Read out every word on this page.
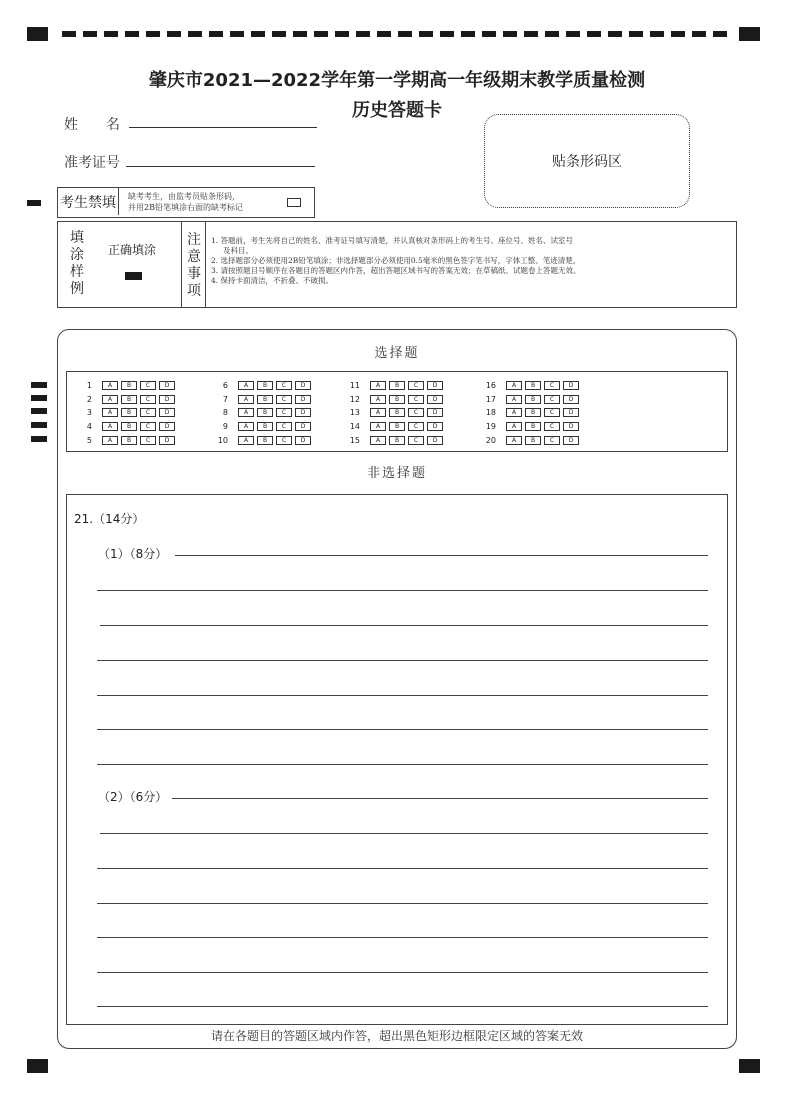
肇庆市2021—2022学年第一学期高一年级期末教学质量检测
历史答题卡
姓　　名
准考证号	贴条形码区
考生禁填 缺考考生，由监考员贴条形码，
并用2B铅笔填涂右面的缺考标记
填
涂
样
例
正确填涂
注
意
事
项
1. 答题前，考生先将自己的姓名、准考证号填写清楚，并认真核对条形码上的考生号、座位号、姓名、试室号
及科目。
2. 选择题部分必须使用2B铅笔填涂；非选择题部分必须使用0.5毫米的黑色签字笔书写，字体工整、笔迹清楚。
3. 请按照题目号顺序在各题目的答题区内作答，超出答题区域书写的答案无效；在草稿纸、试题卷上答题无效。
4. 保持卡面清洁，不折叠、不破损。
选择题
1	A	B	C	D
2	A	B	C	D
3	A	B	C	D
4	A	B	C	D
5	A	B	C	D
6	A	B	C	D
7	A	B	C	D
8	A	B	C	D
9	A	B	C	D
10	A	B	C	D
11	A	B	C	D
12	A	B	C	D
13	A	B	C	D
14	A	B	C	D
15	A	B	C	D
16	A	B	C	D
17	A	B	C	D
18	A	B	C	D
19	A	B	C	D
20	A	B	C	D
非选择题
21.（14分）
（1）（8分）
（2）（6分）
请在各题目的答题区域内作答，超出黑色矩形边框限定区域的答案无效
